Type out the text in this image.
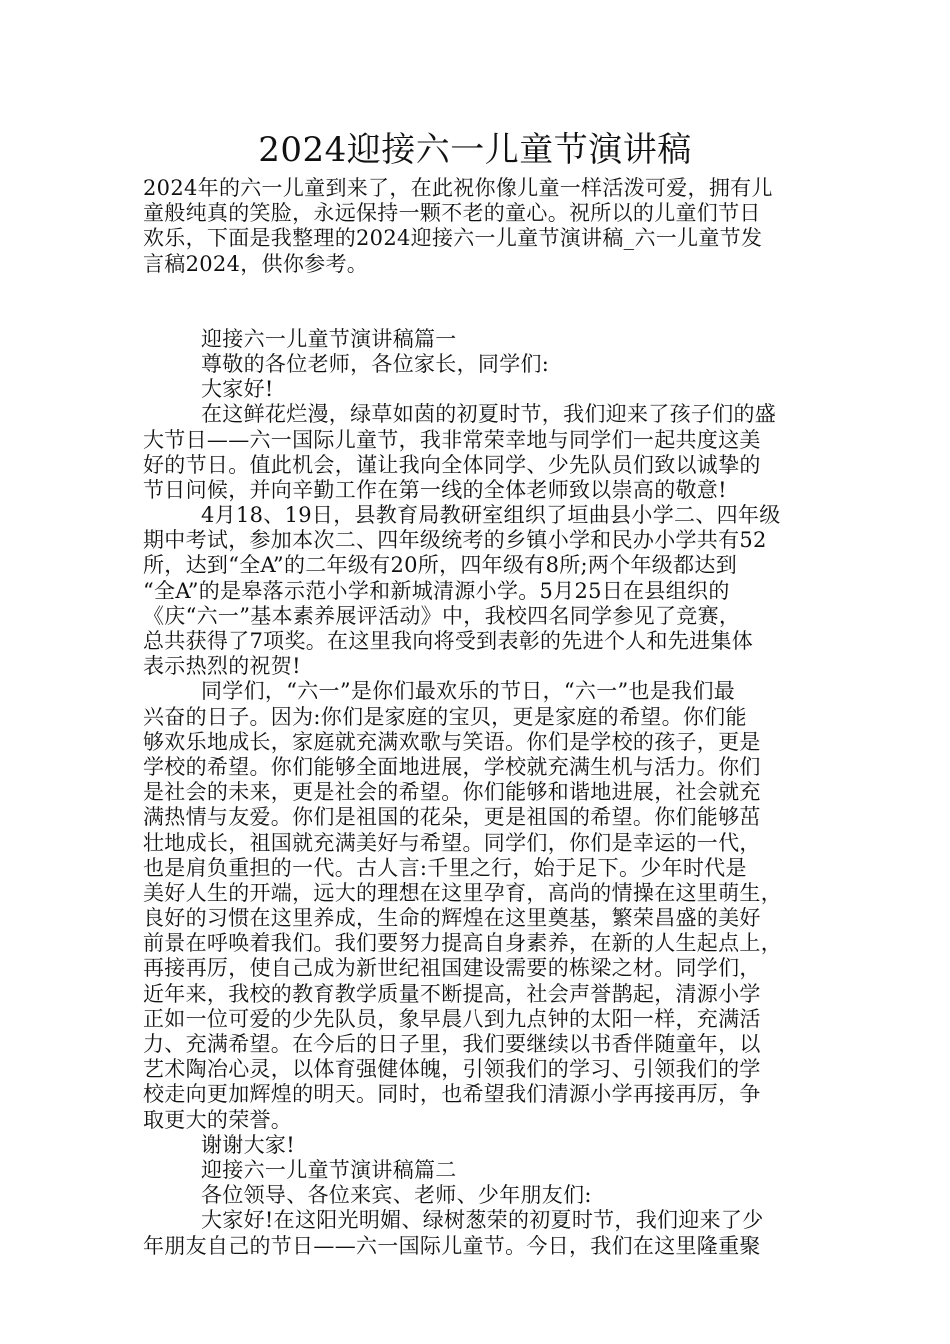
2024迎接六一儿童节演讲稿
2024年的六一儿童到来了，在此祝你像儿童一样活泼可爱，拥有儿
童般纯真的笑脸，永远保持一颗不老的童心。祝所以的儿童们节日
欢乐，下面是我整理的2024迎接六一儿童节演讲稿_六一儿童节发
言稿2024，供你参考。
迎接六一儿童节演讲稿篇一
尊敬的各位老师，各位家长，同学们:
大家好!
在这鲜花烂漫，绿草如茵的初夏时节，我们迎来了孩子们的盛
大节日——六一国际儿童节，我非常荣幸地与同学们一起共度这美
好的节日。值此机会，谨让我向全体同学、少先队员们致以诚挚的
节日问候，并向辛勤工作在第一线的全体老师致以崇高的敬意!
4月18、19日，县教育局教研室组织了垣曲县小学二、四年级
期中考试，参加本次二、四年级统考的乡镇小学和民办小学共有52
所，达到“全A”的二年级有20所，四年级有8所;两个年级都达到
“全A”的是皋落示范小学和新城清源小学。5月25日在县组织的
《庆“六一”基本素养展评活动》中，我校四名同学参见了竞赛，
总共获得了7项奖。在这里我向将受到表彰的先进个人和先进集体
表示热烈的祝贺!
同学们，“六一”是你们最欢乐的节日，“六一”也是我们最
兴奋的日子。因为:你们是家庭的宝贝，更是家庭的希望。你们能
够欢乐地成长，家庭就充满欢歌与笑语。你们是学校的孩子，更是
学校的希望。你们能够全面地进展，学校就充满生机与活力。你们
是社会的未来，更是社会的希望。你们能够和谐地进展，社会就充
满热情与友爱。你们是祖国的花朵，更是祖国的希望。你们能够茁
壮地成长，祖国就充满美好与希望。同学们，你们是幸运的一代，
也是肩负重担的一代。古人言:千里之行，始于足下。少年时代是
美好人生的开端，远大的理想在这里孕育，高尚的情操在这里萌生，
良好的习惯在这里养成，生命的辉煌在这里奠基，繁荣昌盛的美好
前景在呼唤着我们。我们要努力提高自身素养，在新的人生起点上，
再接再厉，使自己成为新世纪祖国建设需要的栋梁之材。同学们，
近年来，我校的教育教学质量不断提高，社会声誉鹊起，清源小学
正如一位可爱的少先队员，象早晨八到九点钟的太阳一样，充满活
力、充满希望。在今后的日子里，我们要继续以书香伴随童年，以
艺术陶冶心灵，以体育强健体魄，引领我们的学习、引领我们的学
校走向更加辉煌的明天。同时，也希望我们清源小学再接再厉，争
取更大的荣誉。
谢谢大家!
迎接六一儿童节演讲稿篇二
各位领导、各位来宾、老师、少年朋友们:
大家好!在这阳光明媚、绿树葱荣的初夏时节，我们迎来了少
年朋友自己的节日——六一国际儿童节。今日，我们在这里隆重聚
